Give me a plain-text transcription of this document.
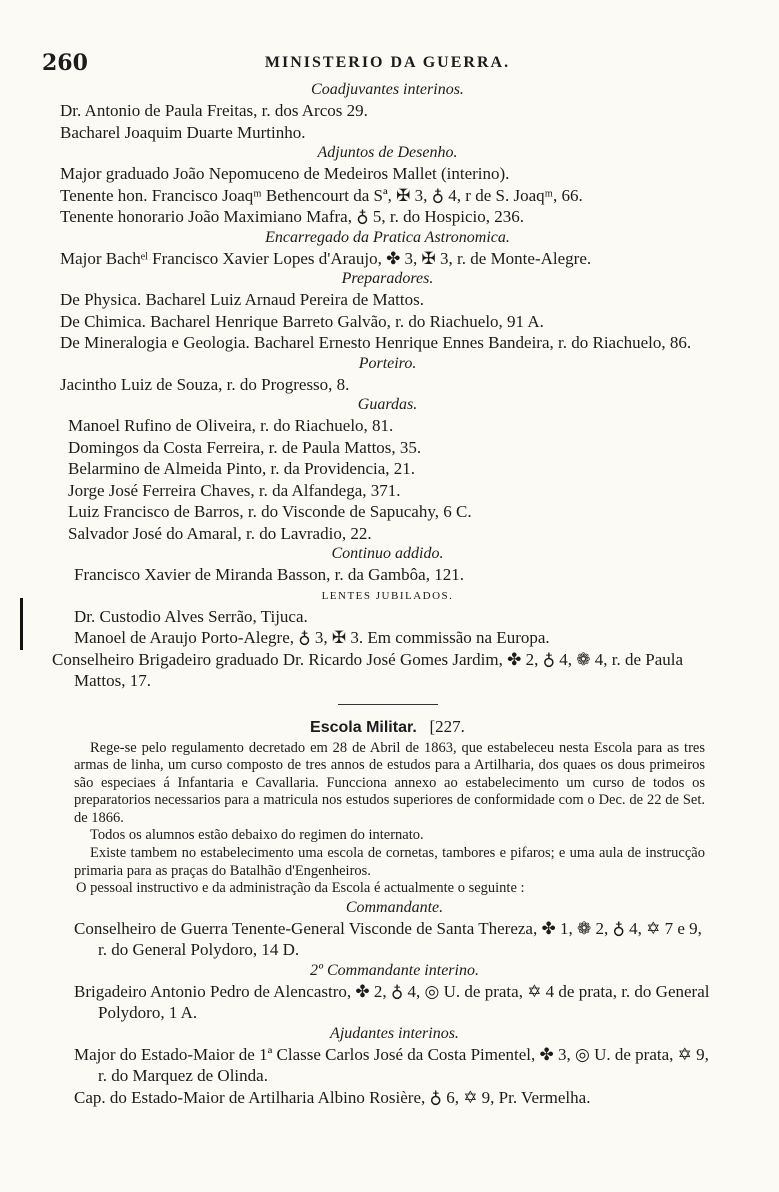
260	MINISTERIO DA GUERRA.
Coadjuvantes interinos.
Dr. Antonio de Paula Freitas, r. dos Arcos 29.
Bacharel Joaquim Duarte Murtinho.
Adjuntos de Desenho.
Major graduado João Nepomuceno de Medeiros Mallet (interino).
Tenente hon. Francisco Joaqᵐ Bethencourt da Sª, ✠ 3, ♁ 4, r de S. Joaqᵐ, 66.
Tenente honorario João Maximiano Mafra, ♁ 5, r. do Hospicio, 236.
Encarregado da Pratica Astronomica.
Major Bachᵉˡ Francisco Xavier Lopes d'Araujo, ✤ 3, ✠ 3, r. de Monte-Alegre.
Preparadores.
De Physica. Bacharel Luiz Arnaud Pereira de Mattos.
De Chimica. Bacharel Henrique Barreto Galvão, r. do Riachuelo, 91 A.
De Mineralogia e Geologia. Bacharel Ernesto Henrique Ennes Bandeira, r. do Riachuelo, 86.
Porteiro.
Jacintho Luiz de Souza, r. do Progresso, 8.
Guardas.
Manoel Rufino de Oliveira, r. do Riachuelo, 81.
Domingos da Costa Ferreira, r. de Paula Mattos, 35.
Belarmino de Almeida Pinto, r. da Providencia, 21.
Jorge José Ferreira Chaves, r. da Alfandega, 371.
Luiz Francisco de Barros, r. do Visconde de Sapucahy, 6 C.
Salvador José do Amaral, r. do Lavradio, 22.
Continuo addido.
Francisco Xavier de Miranda Basson, r. da Gambôa, 121.
LENTES JUBILADOS.
Dr. Custodio Alves Serrão, Tijuca.
Manoel de Araujo Porto-Alegre, ♁ 3, ✠ 3. Em commissão na Europa.
Conselheiro Brigadeiro graduado Dr. Ricardo José Gomes Jardim, ✤ 2, ♁ 4, ❁ 4, r. de Paula Mattos, 17.
Escola Militar. [227.
Rege-se pelo regulamento decretado em 28 de Abril de 1863, que estabeleceu nesta Escola para as tres armas de linha, um curso composto de tres annos de estudos para a Artilharia, dos quaes os dous primeiros são especiaes á Infantaria e Cavallaria. Funcciona annexo ao estabelecimento um curso de todos os preparatorios necessarios para a matricula nos estudos superiores de conformidade com o Dec. de 22 de Set. de 1866.
Todos os alumnos estão debaixo do regimen do internato.
Existe tambem no estabelecimento uma escola de cornetas, tambores e pifaros; e uma aula de instrucção primaria para as praças do Batalhão d'Engenheiros.
O pessoal instructivo e da administração da Escola é actualmente o seguinte :
Commandante.
Conselheiro de Guerra Tenente-General Visconde de Santa Thereza, ✤ 1, ❁ 2, ♁ 4, ✡ 7 e 9, r. do General Polydoro, 14 D.
2º Commandante interino.
Brigadeiro Antonio Pedro de Alencastro, ✤ 2, ♁ 4, ◎ U. de prata, ✡ 4 de prata, r. do General Polydoro, 1 A.
Ajudantes interinos.
Major do Estado-Maior de 1ª Classe Carlos José da Costa Pimentel, ✤ 3, ◎ U. de prata, ✡ 9, r. do Marquez de Olinda.
Cap. do Estado-Maior de Artilharia Albino Rosière, ♁ 6, ✡ 9, Pr. Vermelha.
